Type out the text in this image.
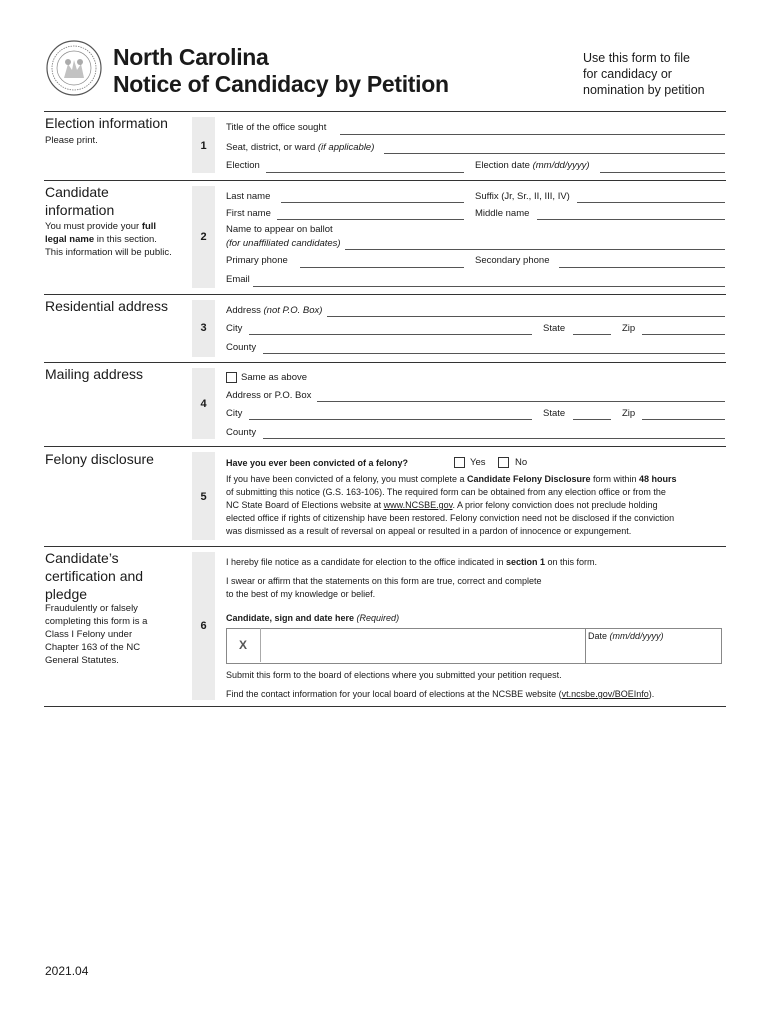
North Carolina
Notice of Candidacy by Petition
Use this form to file
for candidacy or
nomination by petition
Election information
Please print.	1
Title of the office sought
Seat, district, or ward (if applicable)
Election	Election date (mm/dd/yyyy)
Candidate
information
You must provide your full
legal name in this section.
This information will be public.
2
Last name	Suffix (Jr, Sr., II, III, IV)
First name	Middle name
Name to appear on ballot
(for unaffiliated candidates)
Primary phone	Secondary phone
Email
Residential address
3
Address (not P.O. Box)
City	State	Zip
County
Mailing address
4
Same as above
Address or P.O. Box
City	State	Zip
County
Felony disclosure
5
Have you ever been convicted of a felony?	Yes	No
If you have been convicted of a felony, you must complete a Candidate Felony Disclosure form within 48 hours
of submitting this notice (G.S. 163-106). The required form can be obtained from any election office or from the
NC State Board of Elections website at www.NCSBE.gov. A prior felony conviction does not preclude holding
elected office if rights of citizenship have been restored. Felony conviction need not be disclosed if the conviction
was dismissed as a result of reversal on appeal or resulted in a pardon of innocence or expungement.
Candidate’s
certification and
pledge
Fraudulently or falsely
completing this form is a
Class I Felony under
Chapter 163 of the NC
General Statutes.
6
I hereby file notice as a candidate for election to the office indicated in section 1 on this form.
I swear or affirm that the statements on this form are true, correct and complete
to the best of my knowledge or belief.
Candidate, sign and date here (Required)
X
Date (mm/dd/yyyy)
Submit this form to the board of elections where you submitted your petition request.
Find the contact information for your local board of elections at the NCSBE website (vt.ncsbe.gov/BOEInfo).
2021.04
